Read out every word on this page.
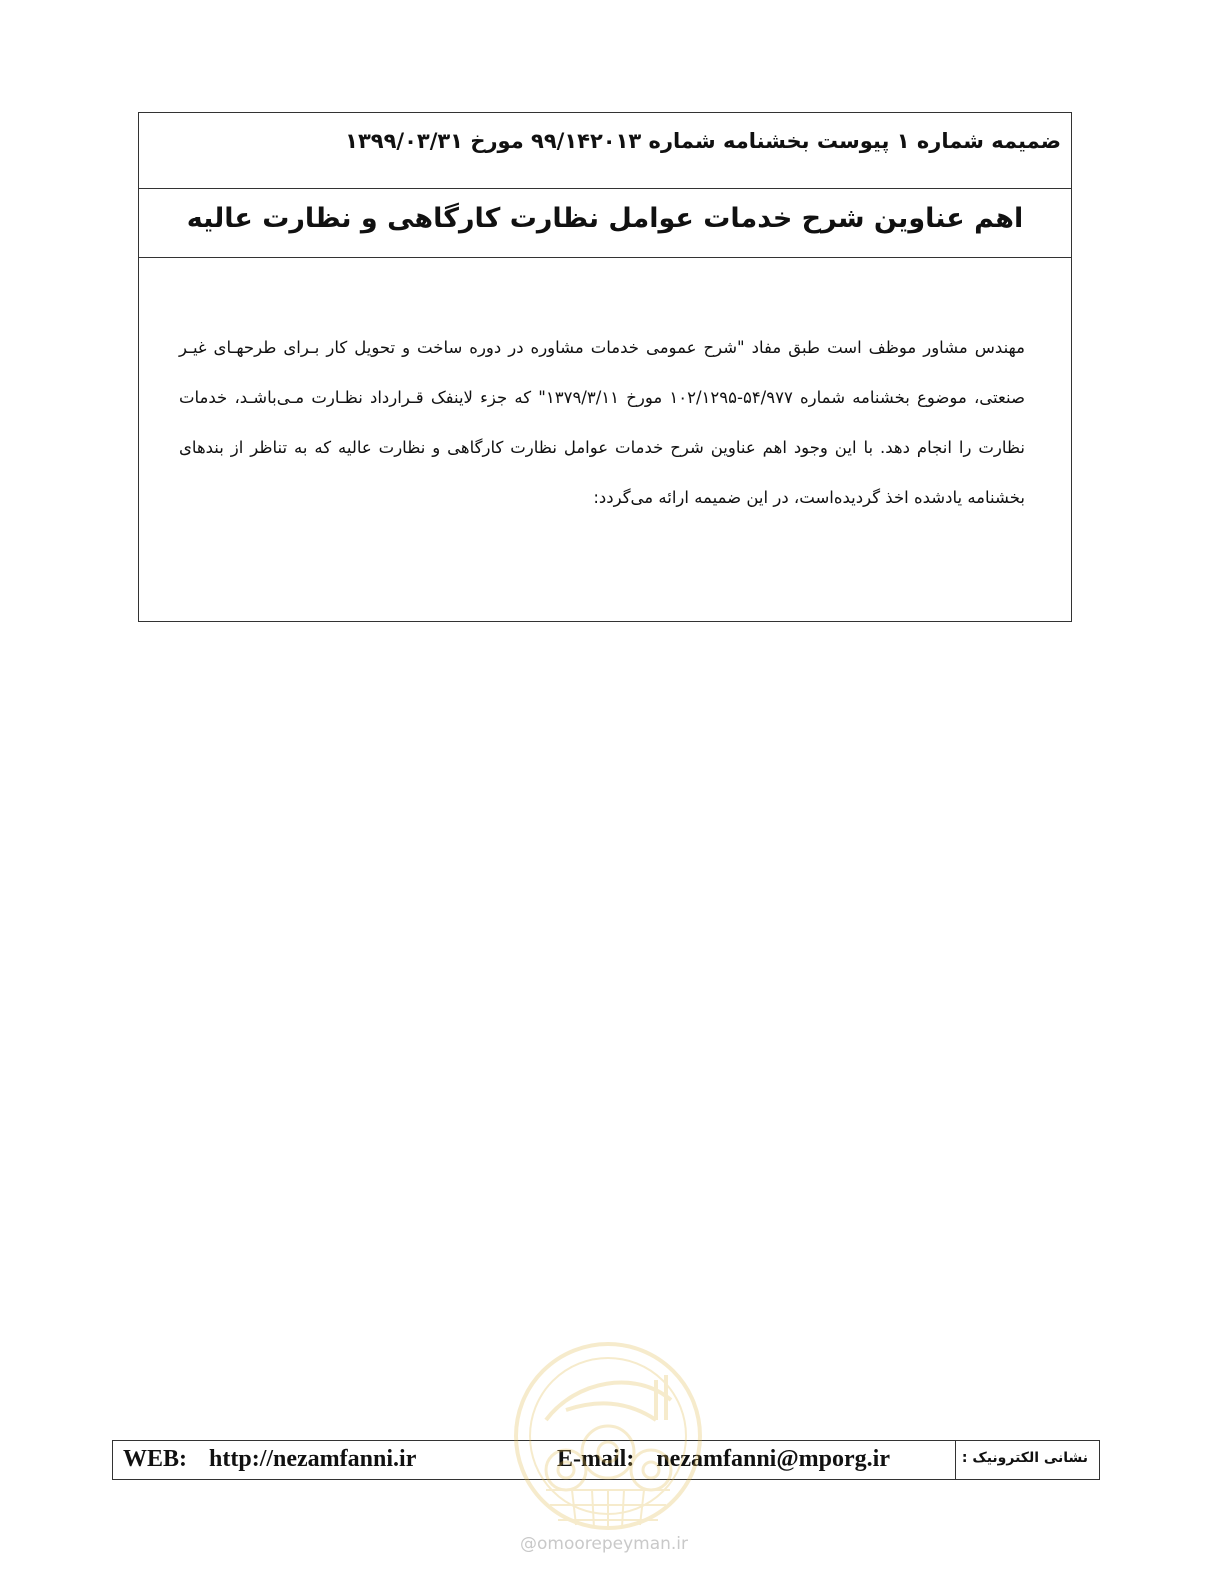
ضمیمه شماره ۱ پیوست بخشنامه شماره ۹۹/۱۴۲۰۱۳ مورخ ۱۳۹۹/۰۳/۳۱
اهم عناوین شرح خدمات عوامل نظارت کارگاهی و نظارت عالیه
مهندس مشاور موظف است طبق مفاد "شرح عمومی خدمات مشاوره در دوره ساخت و تحویل کار بـرای طرحهـای غیـر صنعتی، موضوع بخشنامه شماره ۵۴/۹۷۷-۱۰۲/۱۲۹۵ مورخ ۱۳۷۹/۳/۱۱" که جزء لاینفک قـرارداد نظـارت مـی‌باشـد، خدمات نظارت را انجام دهد. با این وجود اهم عناوین شرح خدمات عوامل نظارت کارگاهی و نظارت عالیه که به تناظر از بندهای بخشنامه یادشده اخذ گردیده‌است، در این ضمیمه ارائه می‌گردد:
WEB: http://nezamfanni.ir	E-mail: nezamfanni@mporg.ir	نشانی الکترونیک :
@omoorepeyman.ir
